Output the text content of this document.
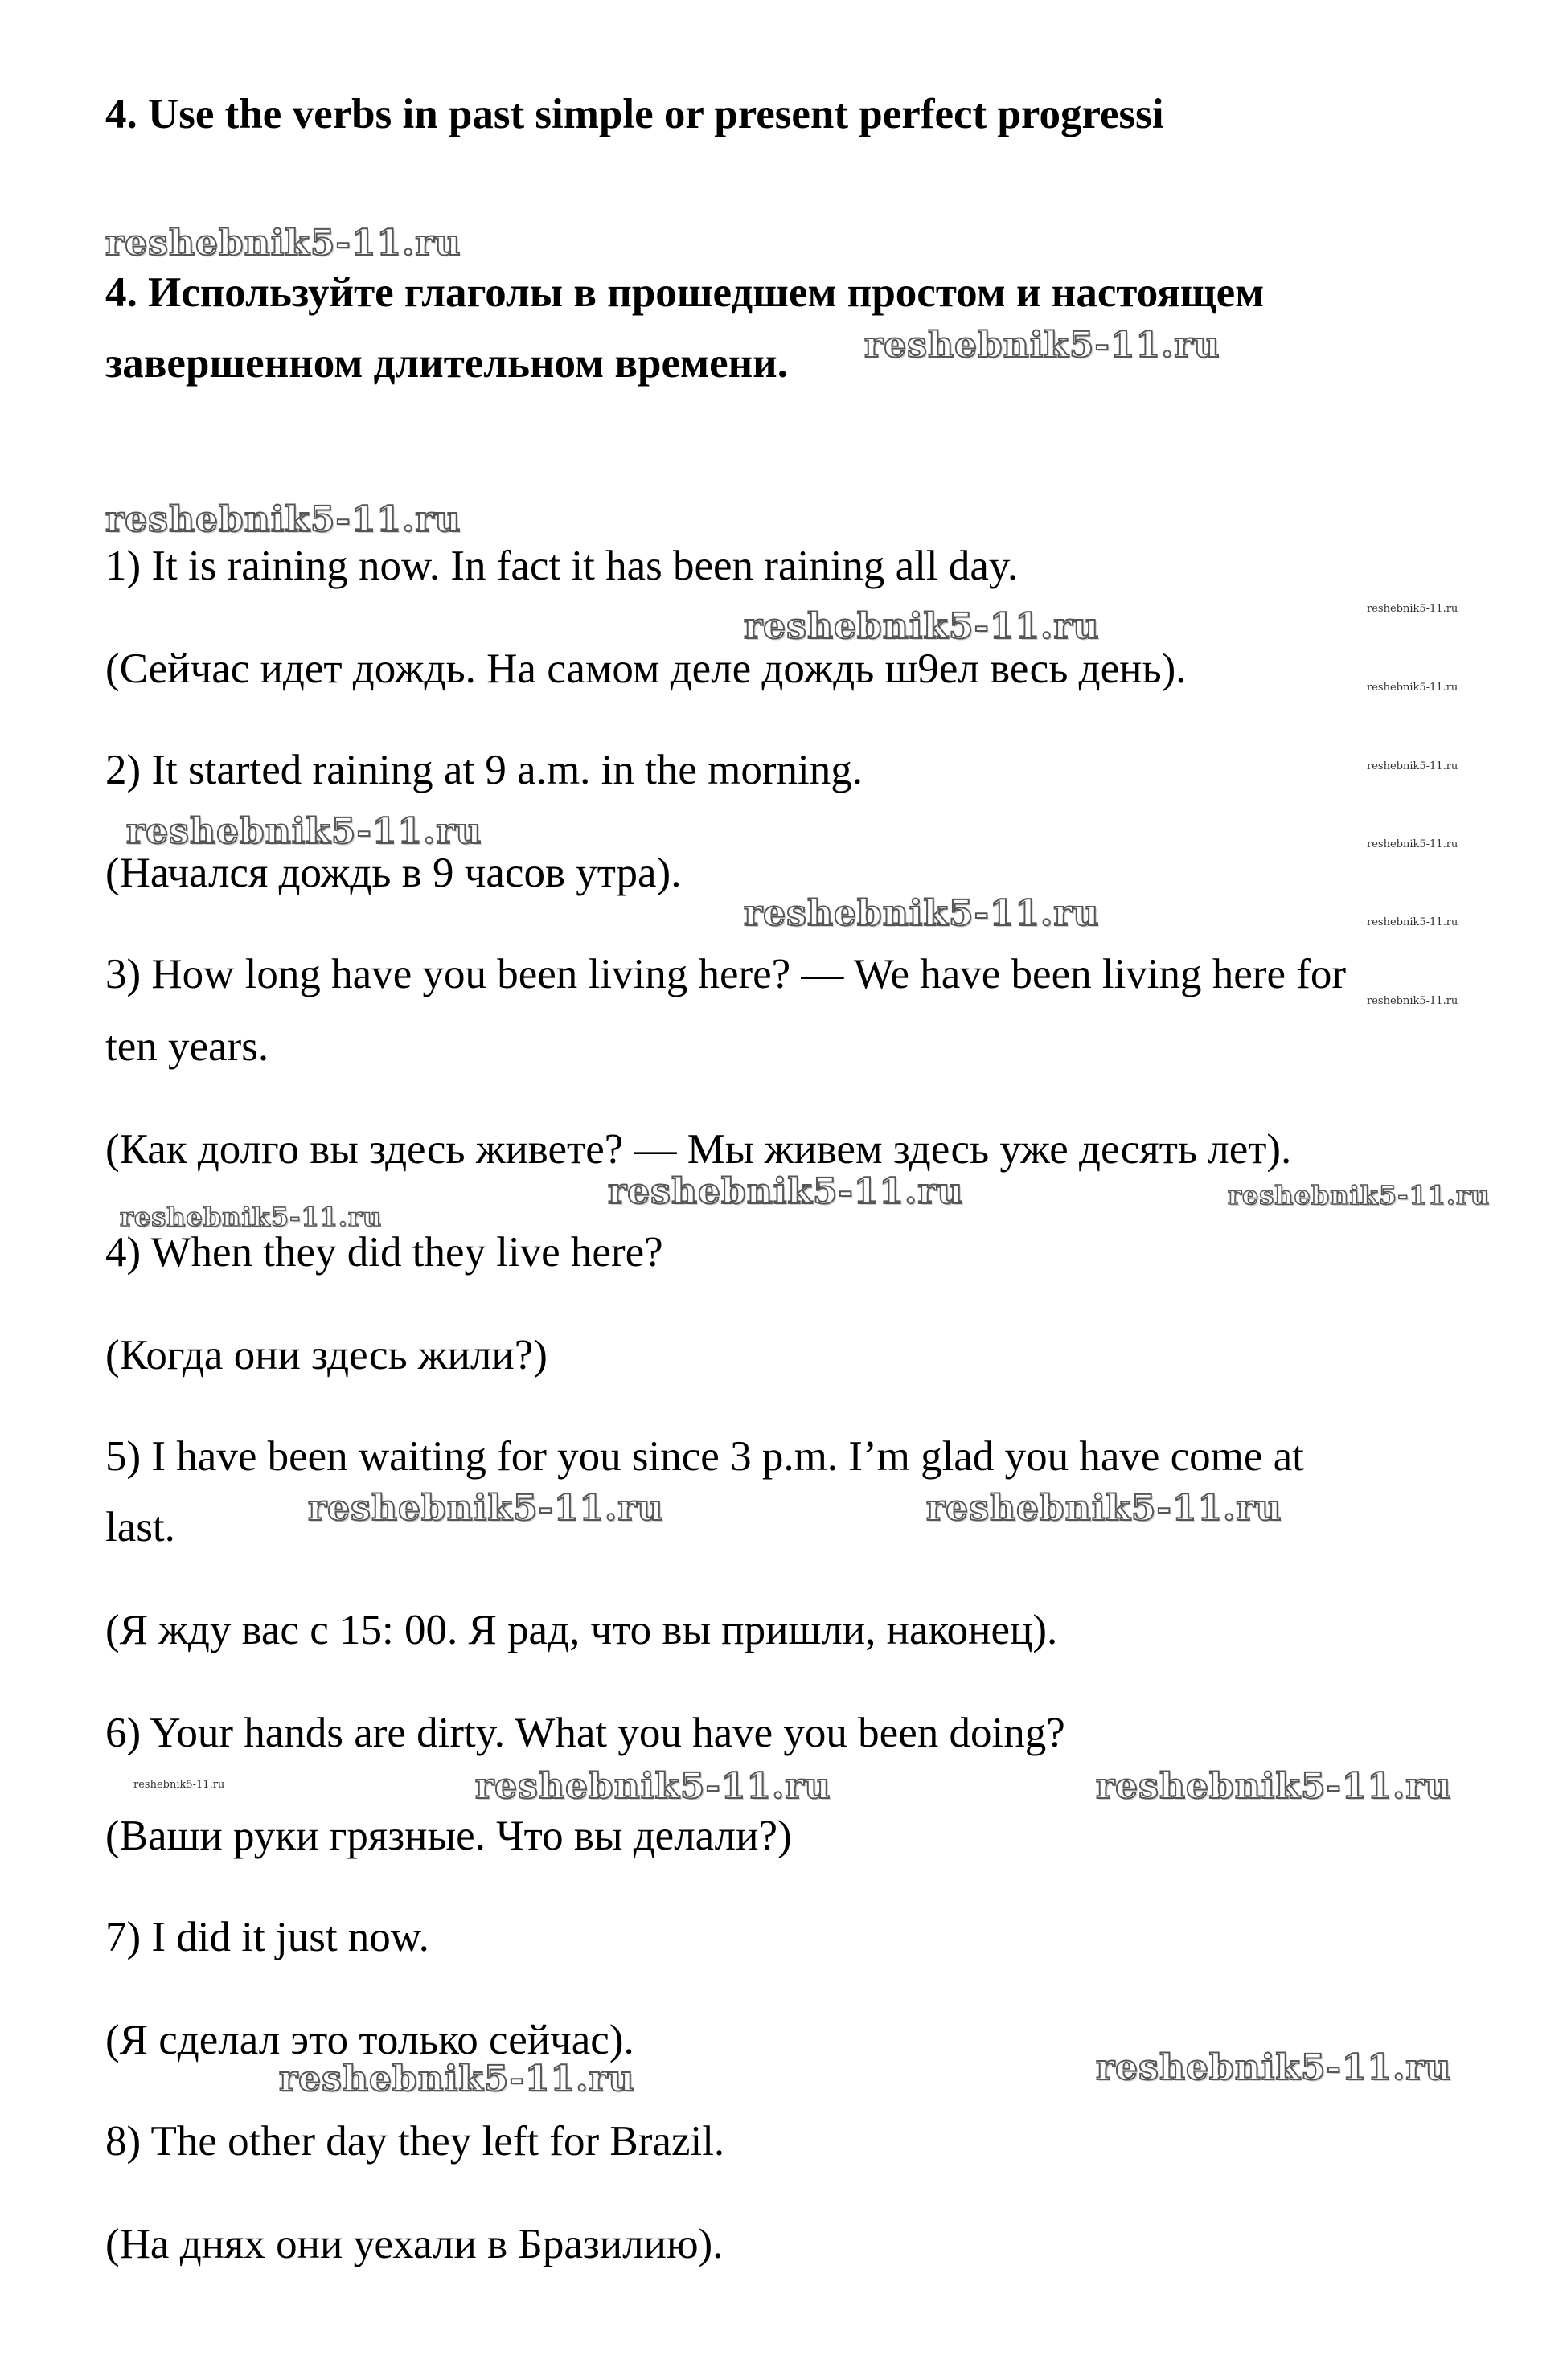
4. Use the verbs in past simple or present perfect progressi
4. Используйте глаголы в прошедшем простом и настоящем
завершенном длительном времени.
1) It is raining now. In fact it has been raining all day.
(Сейчас идет дождь. На самом деле дождь ш9ел весь день).
2) It started raining at 9 a.m. in the morning.
(Начался дождь в 9 часов утра).
3) How long have you been living here? — We have been living here for
ten years.
(Как долго вы здесь живете? — Мы живем здесь уже десять лет).
4) When they did they live here?
(Когда они здесь жили?)
5) I have been waiting for you since 3 p.m. I’m glad you have come at
last.
(Я жду вас с 15: 00. Я рад, что вы пришли, наконец).
6) Your hands are dirty. What you have you been doing?
(Ваши руки грязные. Что вы делали?)
7) I did it just now.
(Я сделал это только сейчас).
8) The other day they left for Brazil.
(На днях они уехали в Бразилию).
reshebnik5-11.ru
reshebnik5-11.ru
reshebnik5-11.ru
reshebnik5-11.ru	reshebnik5-11.ru
reshebnik5-11.ru
reshebnik5-11.ru
reshebnik5-11.ru	reshebnik5-11.ru
reshebnik5-11.ru	reshebnik5-11.ru
reshebnik5-11.ru
reshebnik5-11.ru	reshebnik5-11.ru
reshebnik5-11.ru
reshebnik5-11.ru	reshebnik5-11.ru
reshebnik5-11.ru	reshebnik5-11.ru	reshebnik5-11.ru
reshebnik5-11.ru
reshebnik5-11.ru
